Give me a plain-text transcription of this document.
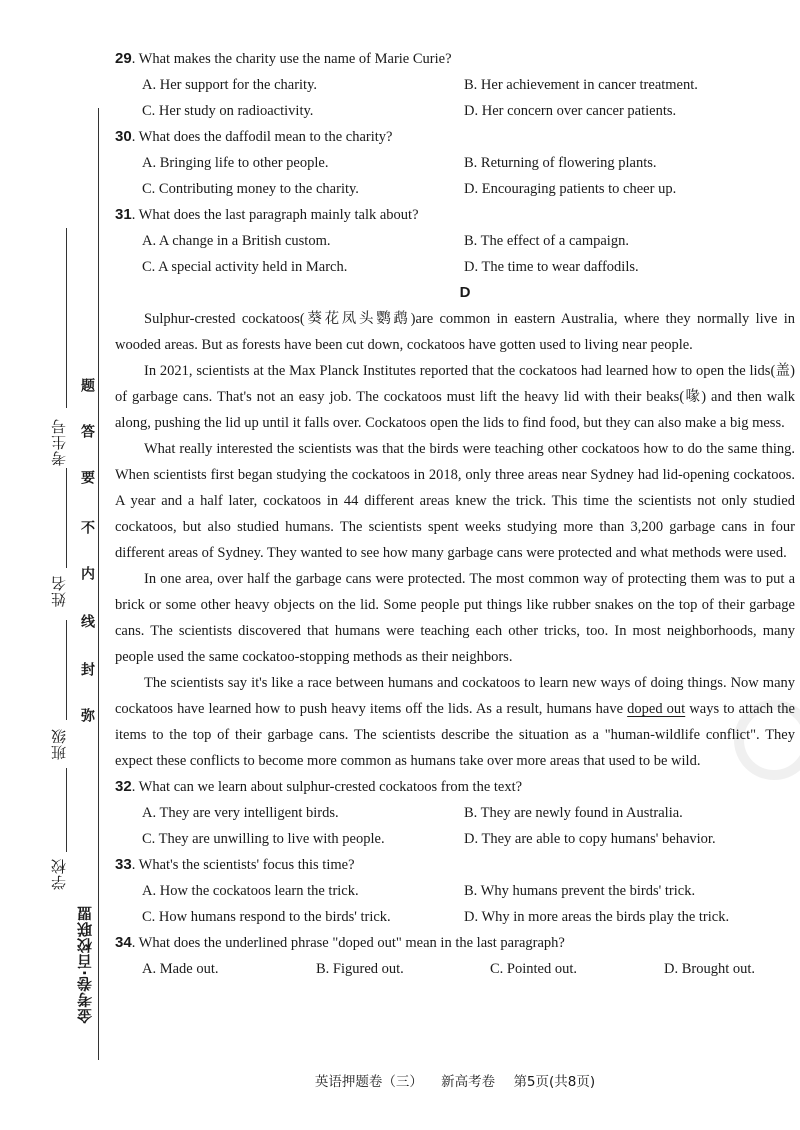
考生号
姓名
班级
学校
题
答
要
不
内
线
封
弥
金考卷·百校联盟
29. What makes the charity use the name of Marie Curie?
A. Her support for the charity.	B. Her achievement in cancer treatment.
C. Her study on radioactivity.	D. Her concern over cancer patients.
30. What does the daffodil mean to the charity?
A. Bringing life to other people.	B. Returning of flowering plants.
C. Contributing money to the charity.	D. Encouraging patients to cheer up.
31. What does the last paragraph mainly talk about?
A. A change in a British custom.	B. The effect of a campaign.
C. A special activity held in March.	D. The time to wear daffodils.
D

Sulphur-crested cockatoos(葵花凤头鹦鹉)are common in eastern Australia, where they normally live in wooded areas. But as forests have been cut down, cockatoos have gotten used to living near people.

In 2021, scientists at the Max Planck Institutes reported that the cockatoos had learned how to open the lids(盖) of garbage cans. That's not an easy job. The cockatoos must lift the heavy lid with their beaks(喙) and then walk along, pushing the lid up until it falls over. Cockatoos open the lids to find food, but they can also make a big mess.

What really interested the scientists was that the birds were teaching other cockatoos how to do the same thing. When scientists first began studying the cockatoos in 2018, only three areas near Sydney had lid-opening cockatoos. A year and a half later, cockatoos in 44 different areas knew the trick. This time the scientists not only studied cockatoos, but also studied humans. The scientists spent weeks studying more than 3,200 garbage cans in four different areas of Sydney. They wanted to see how many garbage cans were protected and what methods were used.

In one area, over half the garbage cans were protected. The most common way of protecting them was to put a brick or some other heavy objects on the lid. Some people put things like rubber snakes on the top of their garbage cans. The scientists discovered that humans were teaching each other tricks, too. In most neighborhoods, many people used the same cockatoo-stopping methods as their neighbors.

The scientists say it's like a race between humans and cockatoos to learn new ways of doing things. Now many cockatoos have learned how to push heavy items off the lids. As a result, humans have doped out ways to attach the items to the top of their garbage cans. The scientists describe the situation as a "human-wildlife conflict". They expect these conflicts to become more common as humans take over more areas that used to be wild.

32. What can we learn about sulphur-crested cockatoos from the text?
A. They are very intelligent birds.	B. They are newly found in Australia.
C. They are unwilling to live with people.	D. They are able to copy humans' behavior.
33. What's the scientists' focus this time?
A. How the cockatoos learn the trick.	B. Why humans prevent the birds' trick.
C. How humans respond to the birds' trick.	D. Why in more areas the birds play the trick.
34. What does the underlined phrase "doped out" mean in the last paragraph?
A. Made out.	B. Figured out.	C. Pointed out.	D. Brought out.
英语押题卷（三） 新高考卷 第5页(共8页)
